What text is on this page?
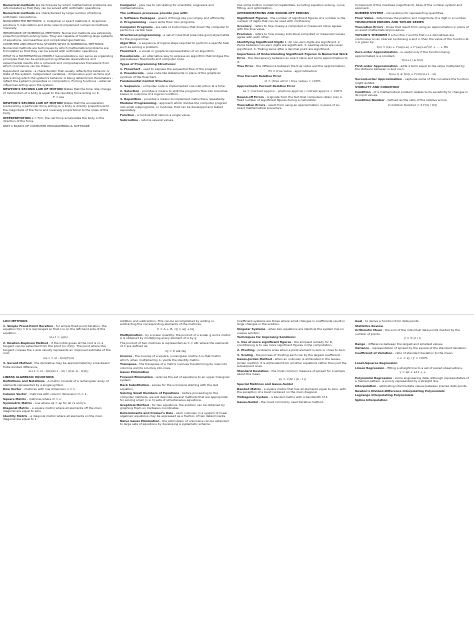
Numerical methods are techniques by which mathematical problems are reformulated so that they can be solved with arithmetic operations.

Numerical methods are characterized by large number of tedious arithmetic calculations.

NONCOMPUTER METHODS: 1. Analytical or exact methods 2. Graphical solutions 3. Calculators and slide rules to implement numerical methods manually.

IMPORTANCE OF NUMERICAL METHODS: Numerical methods are extremely powerful problem-solving tools. They are capable of handling large systems of equations, nonlinearities and complicated geometries.

COMPUTER AND PRACTICAL STUDIES WHAT IS NUMERICAL METHODS: Numerical methods are techniques by which mathematical problems are formulated so that they can be solved with arithmetic operations.

WHAT IS A MATHEMATICAL MODEL? Generalizations can serve as organizing principles that can be employed to synthesize observations and experimental results into a coherent and comprehensive framework from which conclusions can be drawn.

Dependent variable - a characteristic that usually reflects the behavior or state of the system. Independent variables - dimensions such as time and space along which the system's behavior is being determined. Parameters - reflect the system's properties or composition. Forcing functions - external influences acting upon the system.

NEWTON'S SECOND LAW OF MOTION States that the time rate change of momentum of a body is equal to the resulting force acting on it.

F = ma

NEWTON'S SECOND LAW OF MOTION States that the acceleration produced by a particular force acting on a body is directly proportional to the magnitude of the force and inversely proportional to the mass of the body.

INTERPRETATION a = F/m, the net force accelerates the body in the direction of the force.

PART 1 BASICS OF COMPUTER PROGRAMMING & SOFTWARE

Computer - give rise to calculating for scientists, engineers and mathematicians.

The software processes provide you with:

1. Software Packages - speed of things like you simply and efficiently.

2. Programming - users write their own programs.

Computer Programs - are sets of instructions that direct the computer to perform a certain task.

Structured programming - a set of rules that prescribe good style habits for the programmer.

Algorithm - a sequence of logical steps required to perform a specific task such as solving a problem.

Flowchart - a visual or graphical representation of an algorithm.

Pseudocode - an alternative way to express an algorithm that bridges the gap between flowcharts and computer code.

Types of Programming Structures:

1. Flowchart - used to express the sequential flow of the program.

2. Pseudocode - uses code-like statements in place of the graphical symbols of the flowchart.

Fundamental Control Structures:

1. Sequence - computer code is implemented one instruction at a time.

2. Selection - provides a means to split the program's flow into branches based on outcome of a logical condition.

3. Repetition - provides a means to implement instructions repeatedly.

Modular Programming - approach which divides the computer program into small subprograms, or modules, that can be developed and tested separately.

Function - a module that returns a single value.

Subroutine - returns several values.

Use some built-in numerical capabilities, including equation solving, curve fitting, and optimization.

APPROXIMATIONS AND ROUND-OFF ERRORS

Significant Figures - the number of significant figures of a number is the number of digits that can be used with confidence.

Accuracy - refers to how closely a computed or measured value agrees with the true value.

Precision - refers to how closely individual computed or measured values agree with each other.

Identifying Significant Digits 1. All non-zero digits are significant. 2. Zeros between non-zero digits are significant. 3. Leading zeros are never significant. 4. Trailing zeros after a decimal point are significant.

Importance of Understanding Significant Figures in Numerical Work

Error - the discrepancy between an exact value and some approximation to it.

True Error - the difference between the true value and the approximation.

Et = true value - approximation

True Percent Relative Error

εt = (true error / true value) × 100%

Approximate Percent Relative Error

εa = (current approx - previous approx) / current approx × 100%

Round-off Errors - originate from the fact that computers retain only a fixed number of significant figures during a calculation.

Truncation Errors - result from using an approximation in place of an exact mathematical procedure.

Component of the mantissa (significand), base of the number system and exponent.

NUMBER SYSTEM - conventions for representing quantities.

Floor Value - determines the position and magnitude of a digit in a number.

TRUNCATION ERRORS AND TAYLOR SERIES

Truncation Errors - those that result from using an approximation in place of an exact mathematical procedure.

TAYLOR'S THEOREM If a function f and its first n+1 derivatives are continuous on an interval containing a and x, then the value of the function at x is given by:

f(x) = f(a) + f'(a)(x-a) + f''(a)(x-a)²/2! + ... + Rn

Zero-order Approximation - is useful only if the function being approximated is a constant.

f(xi+1) ≅ f(xi)

First-order Approximation - adds a term equal to the slope multiplied by the distance between xi and xi+1.

f(xi+1) ≅ f(xi) + f'(xi)(xi+1 - xi)

Second-order Approximation - captures some of the curvature the function might exhibit.

STABILITY AND CONDITION

Condition - of a mathematical problem relates to its sensitivity to changes in its input values.

Condition Number - defined as the ratio of the relative errors.

Condition Number = x̃ f'(x̃) / f(x̃)

LOCI METHODS

1. Simple Fixed-Point Iteration - for simple fixed-point iteration, the equation f(x) = 0 is rearranged so that x is on the left-hand side of the equation.

xi+1 = g(xi)

2. Newton-Raphson Method - if the initial guess at the root is xi, a tangent can be extended from the point [xi, f(xi)]. The point where this tangent crosses the x axis usually represents an improved estimate of the root.

xi+1 = xi - f(xi)/f'(xi)

3. Secant Method - the derivative may be approximated by a backward finite divided difference.

xi+1 = xi - f(xi)(xi-1 - xi) / (f(xi-1) - f(xi))

LINEAR ALGEBRAIC EQUATIONS

Definitions and Notations - A matrix consists of a rectangular array of elements represented by a single symbol.

Row Vector - matrices with row dimension n = 1.

Column Vector - matrices with column dimension m = 1.

Square Matrix - matrices where m = n.

Symmetric Matrix - one where aij = aji for all i's and j's.

Diagonal Matrix - a square matrix where all elements off the main diagonal are equal to zero.

Identity Matrix - a diagonal matrix where all elements on the main diagonal are equal to 1.

Addition and subtraction. This can be accomplished by adding or subtracting the corresponding elements of the matrices.

C = A + B, cij = aij + bij

Multiplication - by a scalar quantity: the product of a scalar g and a matrix A is obtained by multiplying every element of A by g.

The product of two matrices is represented as C = AB, where the elements of C are defined as:

cij = Σ aik bkj

Inverse - the inverse of a square, nonsingular matrix A is that matrix which, when multiplied by A, yields the identity matrix.

Transpose - the transpose of a matrix involves transforming its rows into columns and its columns into rows.

Gauss Elimination

Forward Elimination - reduces the set of equations to an upper triangular system.

Back Substitution - solves for the unknowns starting with the last equation.

Solving Small Numbers of Equations - before proceeding to the computer methods, we will describe several methods that are appropriate for solving small (n ≤ 3) sets of simultaneous equations.

Graphical Method - for two equations, the solution can be obtained by graphing them on Cartesian coordinates.

Determinants and Cramer's Rule - each unknown in a system of linear algebraic equations may be expressed as a fraction of two determinants.

Naive Gauss Elimination - the elimination of unknowns can be extended to large sets of equations by developing a systematic scheme.

Coefficient systems are those where small changes in coefficients result in large changes in the solution.

Singular Systems - when two equations are identical the system has no unique solution.

Techniques for Improving Solutions:

1. Use of more significant figures - the simplest remedy for ill-conditioning is to use more significant figures in the computation.

2. Pivoting - problems arise when a pivot element is zero or close to zero.

3. Scaling - the process of dividing each row by the largest coefficient.

Gauss-Jordan Method - when an unknown is eliminated in the Gauss-Jordan method, it is eliminated from all other equations rather than just the subsequent ones.

Standard Deviation - the most common measure of spread for a sample about the mean.

sy = √(St / (n - 1))

Special Matrices and Gauss-Seidel

Banded Matrix - a square matrix that has all elements equal to zero, with the exception of a band centered on the main diagonal.

Tridiagonal System - a banded matrix with a bandwidth of 3.

Gauss-Seidel - the most commonly used iterative method.

Goal - to derive a function from data points.

Statistics Review

Arithmetic Mean - the sum of the individual data points divided by the number of points.

ȳ = Σ yi / n

Range - difference between the largest and smallest values.

Variance - representation of spread by the square of the standard deviation.

Coefficient of Variation - ratio of standard deviation to the mean.

c.v. = sy / ȳ × 100%

Least-Squares Regression

Linear Regression - fitting a straight line to a set of paired observations.

y = a0 + a1x + e

Polynomial Regression - some engineering data, although representative of a marked pattern, is poorly represented by a straight line.

Interpolation - estimating intermediate values between precise data points.

Newton's Divided-Difference Interpolating Polynomials

Lagrange Interpolating Polynomials

Spline Interpolation
